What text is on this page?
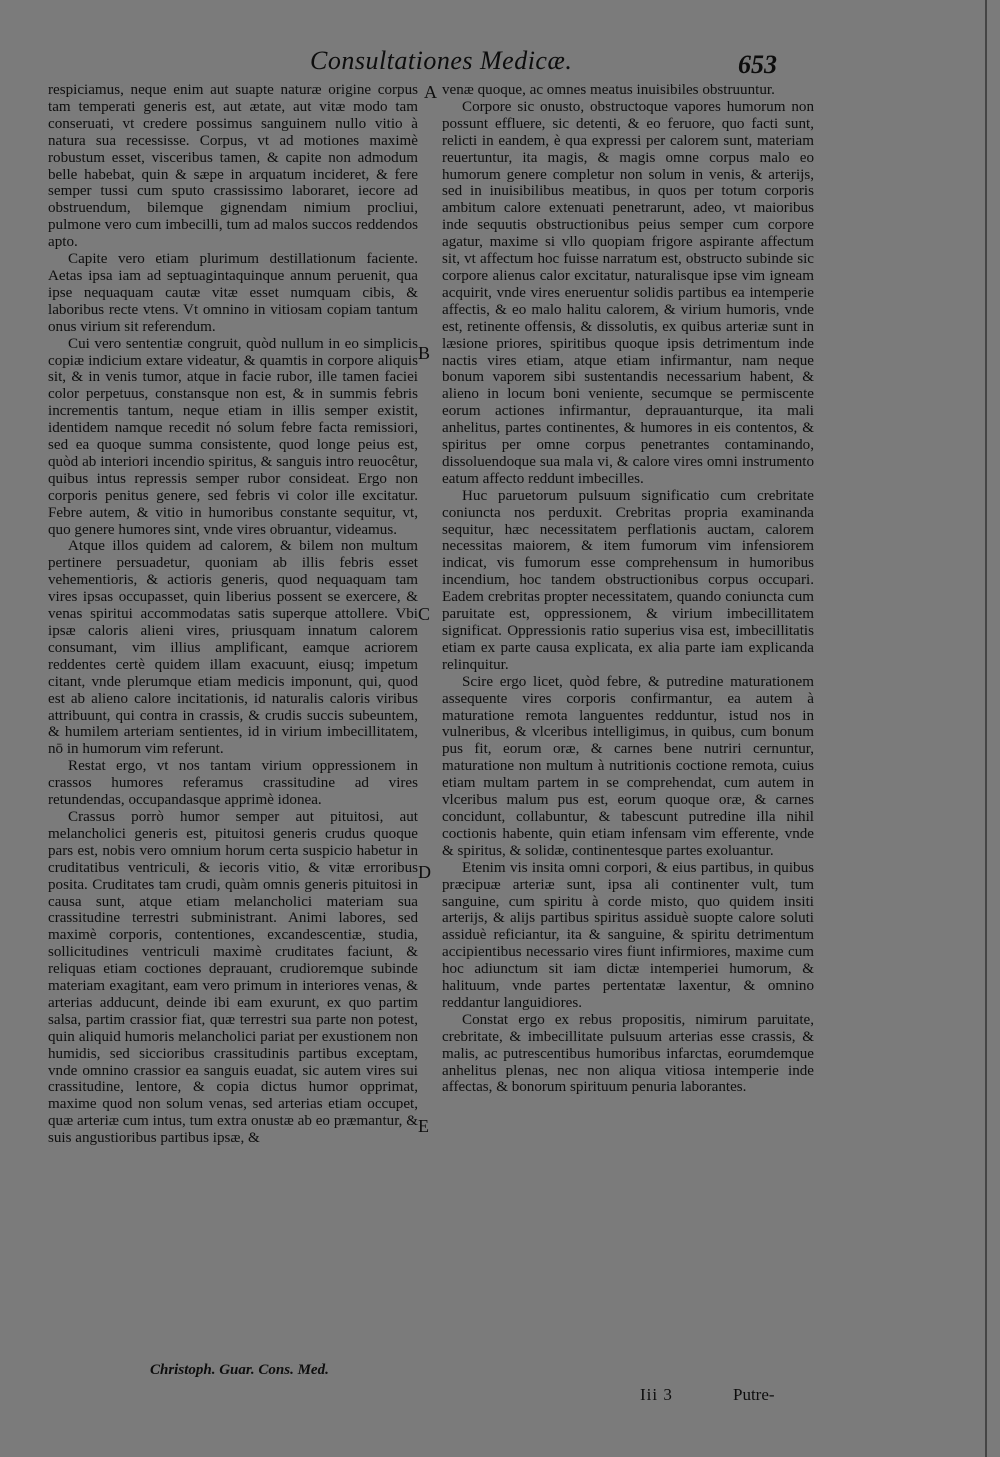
Consultationes Medicæ.	653

respiciamus, neque enim aut suapte naturæ origine corpus tam temperati generis est, aut ætate, aut vitæ modo tam conseruati, vt credere possimus sanguinem nullo vitio à natura sua recessisse. Corpus, vt ad motiones maximè robustum esset, visceribus tamen, & capite non admodum belle habebat, quin & sæpe in arquatum incideret, & fere semper tussi cum sputo crassissimo laboraret, iecore ad obstruendum, bilemque gignendam nimium procliui, pulmone vero cum imbecilli, tum ad malos succos reddendos apto.

Capite vero etiam plurimum destillationum faciente. Aetas ipsa iam ad septuagintaquinque annum peruenit, qua ipse nequaquam cautæ vitæ esset numquam cibis, & laboribus recte vtens. Vt omnino in vitiosam copiam tantum onus virium sit referendum.

Cui vero sententiæ congruit, quòd nullum in eo simplicis copiæ indicium extare videatur, & quamtis in corpore aliquis sit, & in venis tumor, atque in facie rubor, ille tamen faciei color perpetuus, constansque non est, & in summis febris incrementis tantum, neque etiam in illis semper existit, identidem namque recedit nó solum febre facta remissiori, sed ea quoque summa consistente, quod longe peius est, quòd ab interiori incendio spiritus, & sanguis intro reuocêtur, quibus intus repressis semper rubor consideat. Ergo non corporis penitus genere, sed febris vi color ille excitatur. Febre autem, & vitio in humoribus constante sequitur, vt, quo genere humores sint, vnde vires obruantur, videamus.

Atque illos quidem ad calorem, & bilem non multum pertinere persuadetur, quoniam ab illis febris esset vehementioris, & actioris generis, quod nequaquam tam vires ipsas occupasset, quin liberius possent se exercere, & venas spiritui accommodatas satis superque attollere. Vbi ipsæ caloris alieni vires, priusquam innatum calorem consumant, vim illius amplificant, eamque acriorem reddentes certè quidem illam exacuunt, eiusq; impetum citant, vnde plerumque etiam medicis imponunt, qui, quod est ab alieno calore incitationis, id naturalis caloris viribus attribuunt, qui contra in crassis, & crudis succis subeuntem, & humilem arteriam sentientes, id in virium imbecillitatem, nō in humorum vim referunt.

Restat ergo, vt nos tantam virium oppressionem in crassos humores referamus crassitudine ad vires retundendas, occupandasque apprimè idonea.

Crassus porrò humor semper aut pituitosi, aut melancholici generis est, pituitosi generis crudus quoque pars est, nobis vero omnium horum certa suspicio habetur in cruditatibus ventriculi, & iecoris vitio, & vitæ erroribus posita. Cruditates tam crudi, quàm omnis generis pituitosi in causa sunt, atque etiam melancholici materiam sua crassitudine terrestri subministrant. Animi labores, sed maximè corporis, contentiones, excandescentiæ, studia, sollicitudines ventriculi maximè cruditates faciunt, & reliquas etiam coctiones deprauant, crudioremque subinde materiam exagitant, eam vero primum in interiores venas, & arterias adducunt, deinde ibi eam exurunt, ex quo partim salsa, partim crassior fiat, quæ terrestri sua parte non potest, quin aliquid humoris melancholici pariat per exustionem non humidis, sed siccioribus crassitudinis partibus exceptam, vnde omnino crassior ea sanguis euadat, sic autem vires sui crassitudine, lentore, & copia dictus humor opprimat, maxime quod non solum venas, sed arterias etiam occupet, quæ arteriæ cum intus, tum extra onustæ ab eo præmantur, & suis angustioribus partibus ipsæ, &

A
B
C
D
E

venæ quoque, ac omnes meatus inuisibiles obstruuntur.

Corpore sic onusto, obstructoque vapores humorum non possunt effluere, sic detenti, & eo feruore, quo facti sunt, relicti in eandem, è qua expressi per calorem sunt, materiam reuertuntur, ita magis, & magis omne corpus malo eo humorum genere completur non solum in venis, & arterijs, sed in inuisibilibus meatibus, in quos per totum corporis ambitum calore extenuati penetrarunt, adeo, vt maioribus inde sequutis obstructionibus peius semper cum corpore agatur, maxime si vllo quopiam frigore aspirante affectum sit, vt affectum hoc fuisse narratum est, obstructo subinde sic corpore alienus calor excitatur, naturalisque ipse vim igneam acquirit, vnde vires eneruentur solidis partibus ea intemperie affectis, & eo malo halitu calorem, & virium humoris, vnde est, retinente offensis, & dissolutis, ex quibus arteriæ sunt in læsione priores, spiritibus quoque ipsis detrimentum inde nactis vires etiam, atque etiam infirmantur, nam neque bonum vaporem sibi sustentandis necessarium habent, & alieno in locum boni veniente, secumque se permiscente eorum actiones infirmantur, deprauanturque, ita mali anhelitus, partes continentes, & humores in eis contentos, & spiritus per omne corpus penetrantes contaminando, dissoluendoque sua mala vi, & calore vires omni instrumento eatum affecto reddunt imbecilles.

Huc paruetorum pulsuum significatio cum crebritate coniuncta nos perduxit. Crebritas propria examinanda sequitur, hæc necessitatem perflationis auctam, calorem necessitas maiorem, & item fumorum vim infensiorem indicat, vis fumorum esse comprehensum in humoribus incendium, hoc tandem obstructionibus corpus occupari. Eadem crebritas propter necessitatem, quando coniuncta cum paruitate est, oppressionem, & virium imbecillitatem significat. Oppressionis ratio superius visa est, imbecillitatis etiam ex parte causa explicata, ex alia parte iam explicanda relinquitur.

Scire ergo licet, quòd febre, & putredine maturationem assequente vires corporis confirmantur, ea autem à maturatione remota languentes redduntur, istud nos in vulneribus, & vlceribus intelligimus, in quibus, cum bonum pus fit, eorum oræ, & carnes bene nutriri cernuntur, maturatione non multum à nutritionis coctione remota, cuius etiam multam partem in se comprehendat, cum autem in vlceribus malum pus est, eorum quoque oræ, & carnes concidunt, collabuntur, & tabescunt putredine illa nihil coctionis habente, quin etiam infensam vim efferente, vnde & spiritus, & solidæ, continentesque partes exoluantur.

Etenim vis insita omni corpori, & eius partibus, in quibus præcipuæ arteriæ sunt, ipsa ali continenter vult, tum sanguine, cum spiritu à corde misto, quo quidem insiti arterijs, & alijs partibus spiritus assiduè suopte calore soluti assiduè reficiantur, ita & sanguine, & spiritu detrimentum accipientibus necessario vires fiunt infirmiores, maxime cum hoc adiunctum sit iam dictæ intemperiei humorum, & halituum, vnde partes pertentatæ laxentur, & omnino reddantur languidiores.

Constat ergo ex rebus propositis, nimirum paruitate, crebritate, & imbecillitate pulsuum arterias esse crassis, & malis, ac putrescentibus humoribus infarctas, eorumdemque anhelitus plenas, nec non aliqua vitiosa intemperie inde affectas, & bonorum spirituum penuria laborantes.

Christoph. Guar. Cons. Med.
Iii 3	Putre-
